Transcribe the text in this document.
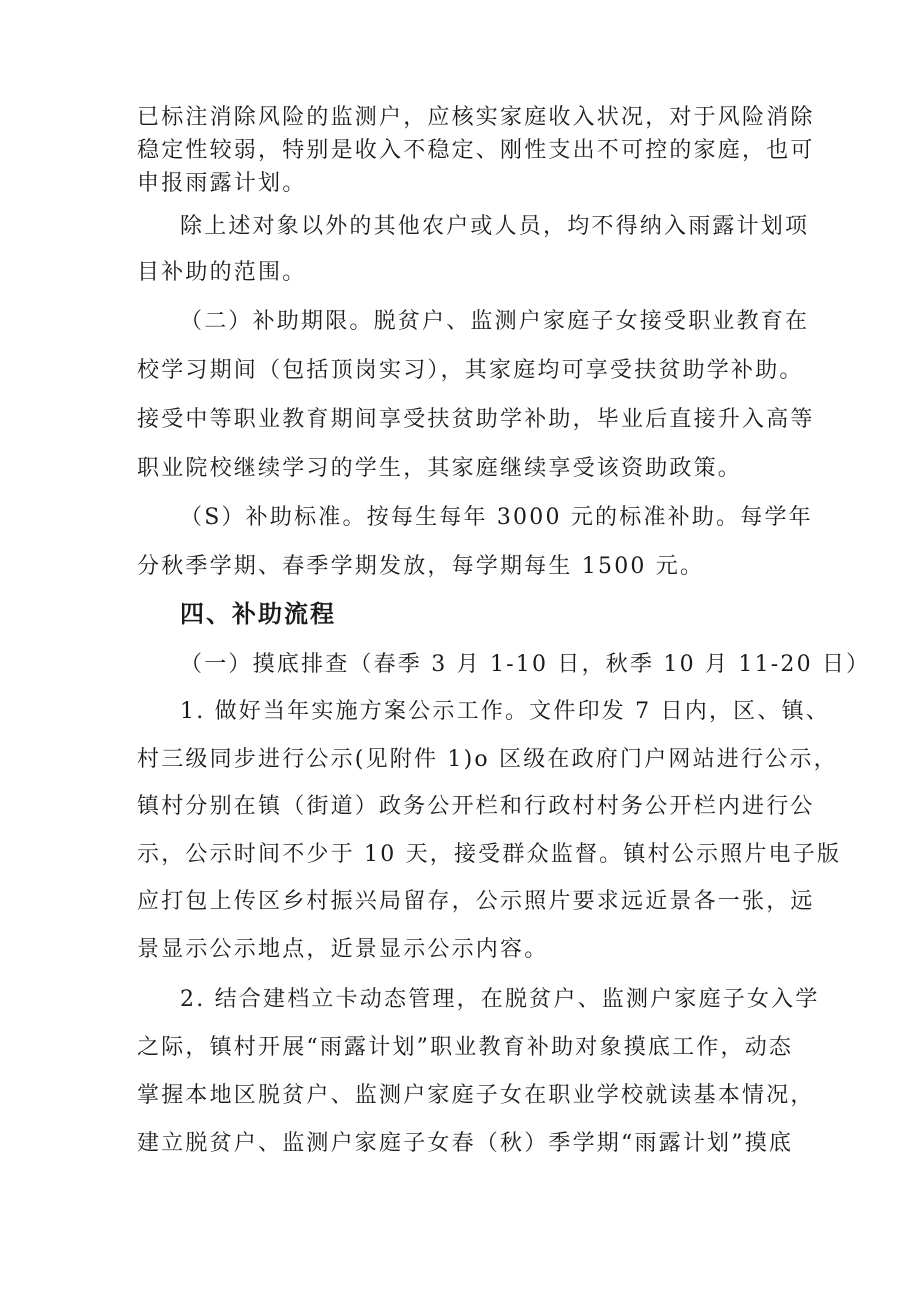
已标注消除风险的监测户，应核实家庭收入状况，对于风险消除
稳定性较弱，特别是收入不稳定、刚性支出不可控的家庭，也可
申报雨露计划。
除上述对象以外的其他农户或人员，均不得纳入雨露计划项
目补助的范围。
（二）补助期限。脱贫户、监测户家庭子女接受职业教育在
校学习期间（包括顶岗实习），其家庭均可享受扶贫助学补助。
接受中等职业教育期间享受扶贫助学补助，毕业后直接升入高等
职业院校继续学习的学生，其家庭继续享受该资助政策。
（S）补助标准。按每生每年 3000 元的标准补助。每学年
分秋季学期、春季学期发放，每学期每生 1500 元。
四、补助流程
（一）摸底排查（春季 3 月 1-10 日，秋季 10 月 11-20 日）
1. 做好当年实施方案公示工作。文件印发 7 日内，区、镇、
村三级同步进行公示(见附件 1)o 区级在政府门户网站进行公示，
镇村分别在镇（街道）政务公开栏和行政村村务公开栏内进行公
示，公示时间不少于 10 天，接受群众监督。镇村公示照片电子版
应打包上传区乡村振兴局留存，公示照片要求远近景各一张，远
景显示公示地点，近景显示公示内容。
2. 结合建档立卡动态管理，在脱贫户、监测户家庭子女入学
之际，镇村开展“雨露计划”职业教育补助对象摸底工作，动态
掌握本地区脱贫户、监测户家庭子女在职业学校就读基本情况，
建立脱贫户、监测户家庭子女春（秋）季学期“雨露计划”摸底
